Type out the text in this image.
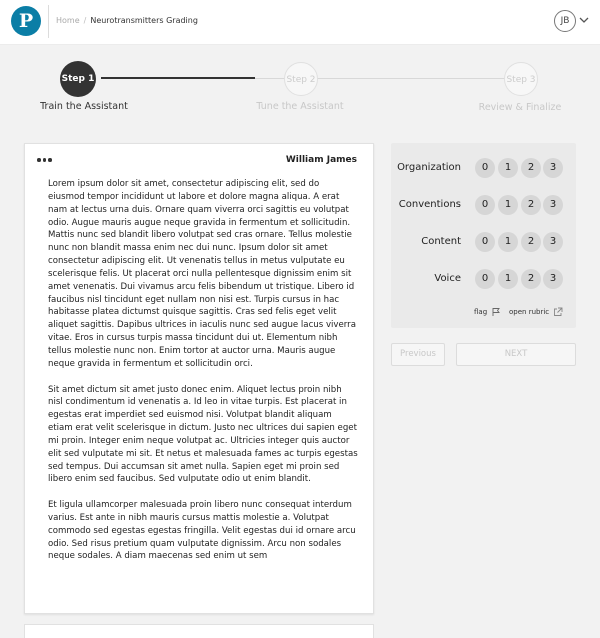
P	Home / Neurotransmitters Grading	JB
Step 1	Step 2	Step 3
Train the Assistant	Tune the Assistant	Review & Finalize
William James

Lorem ipsum dolor sit amet, consectetur adipiscing elit, sed do eiusmod tempor incididunt ut labore et dolore magna aliqua. A erat nam at lectus urna duis. Ornare quam viverra orci sagittis eu volutpat odio. Augue mauris augue neque gravida in fermentum et sollicitudin. Mattis nunc sed blandit libero volutpat sed cras ornare. Tellus molestie nunc non blandit massa enim nec dui nunc. Ipsum dolor sit amet consectetur adipiscing elit. Ut venenatis tellus in metus vulputate eu scelerisque felis. Ut placerat orci nulla pellentesque dignissim enim sit amet venenatis. Dui vivamus arcu felis bibendum ut tristique. Libero id faucibus nisl tincidunt eget nullam non nisi est. Turpis cursus in hac habitasse platea dictumst quisque sagittis. Cras sed felis eget velit aliquet sagittis. Dapibus ultrices in iaculis nunc sed augue lacus viverra vitae. Eros in cursus turpis massa tincidunt dui ut. Elementum nibh tellus molestie nunc non. Enim tortor at auctor urna. Mauris augue neque gravida in fermentum et sollicitudin orci.

Sit amet dictum sit amet justo donec enim. Aliquet lectus proin nibh nisl condimentum id venenatis a. Id leo in vitae turpis. Est placerat in egestas erat imperdiet sed euismod nisi. Volutpat blandit aliquam etiam erat velit scelerisque in dictum. Justo nec ultrices dui sapien eget mi proin. Integer enim neque volutpat ac. Ultricies integer quis auctor elit sed vulputate mi sit. Et netus et malesuada fames ac turpis egestas sed tempus. Dui accumsan sit amet nulla. Sapien eget mi proin sed libero enim sed faucibus. Sed vulputate odio ut enim blandit.

Et ligula ullamcorper malesuada proin libero nunc consequat interdum varius. Est ante in nibh mauris cursus mattis molestie a. Volutpat commodo sed egestas egestas fringilla. Velit egestas dui id ornare arcu odio. Sed risus pretium quam vulputate dignissim. Arcu non sodales neque sodales. A diam maecenas sed enim ut sem

Organization	0	1	2	3
Conventions	0	1	2	3
Content	0	1	2	3
Voice	0	1	2	3
flag	open rubric
Previous	NEXT
